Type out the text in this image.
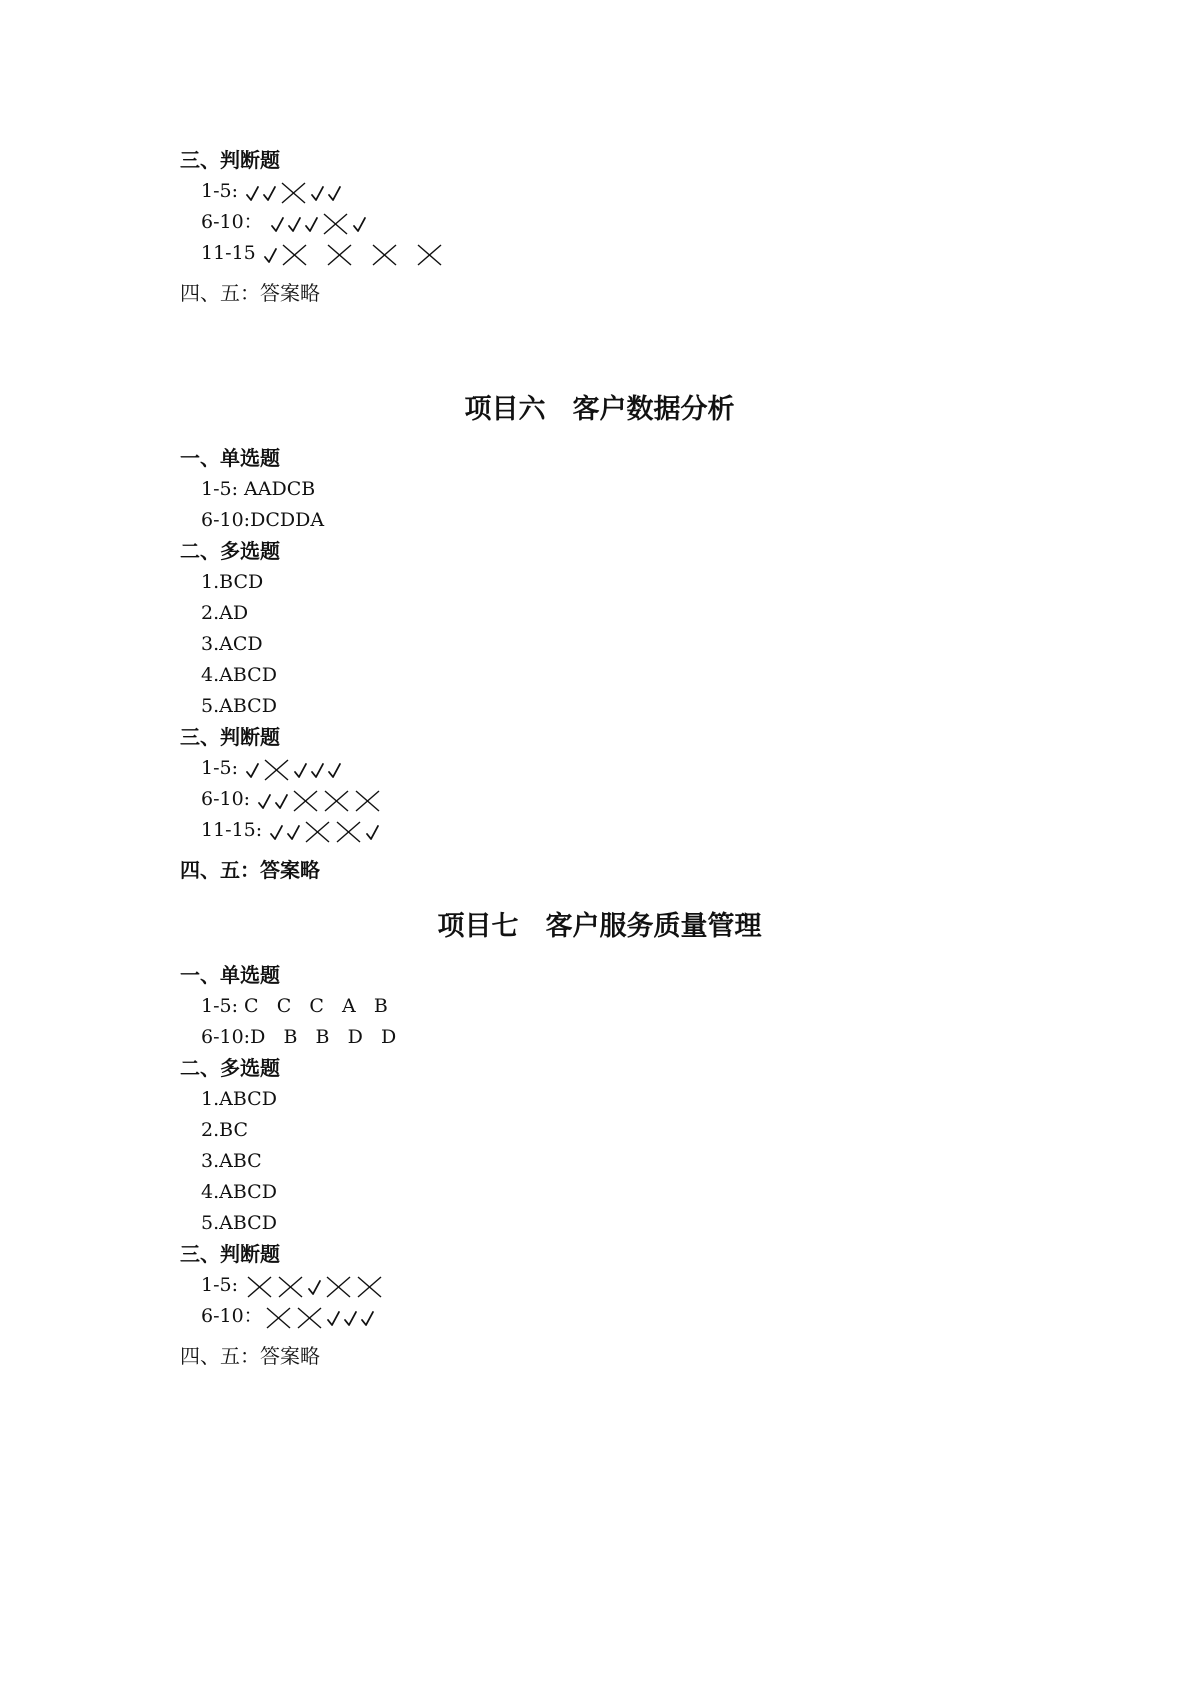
三、判断题
1-5:
6-10：
11-15
四、五：答案略
项目六　客户数据分析
一、单选题
1-5: AADCB
6-10:DCDDA
二、多选题
1.BCD
2.AD
3.ACD
4.ABCD
5.ABCD
三、判断题
1-5:
6-10:
11-15:
四、五：答案略
项目七　客户服务质量管理
一、单选题
1-5: C   C   C   A   B
6-10:D   B   B   D   D
二、多选题
1.ABCD
2.BC
3.ABC
4.ABCD
5.ABCD
三、判断题
1-5:
6-10：
四、五：答案略
